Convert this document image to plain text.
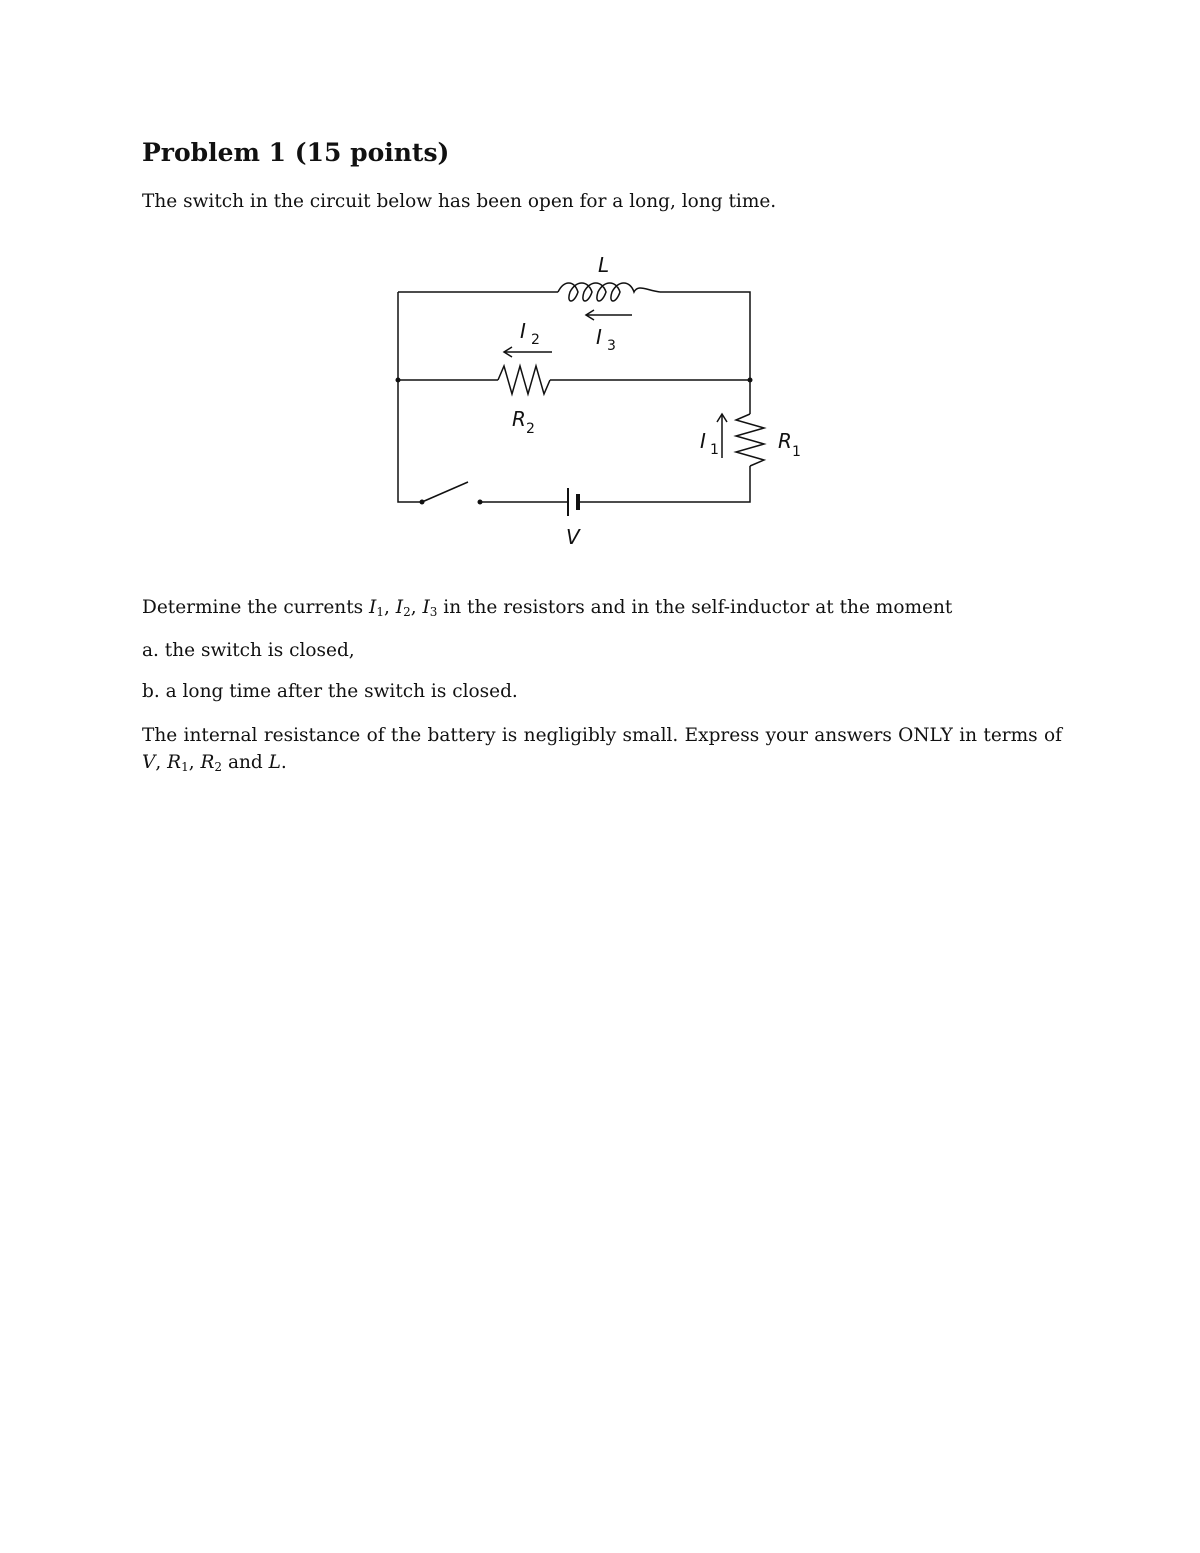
Problem 1 (15 points)

The switch in the circuit below has been open for a long, long time.

L
I 3
I 2
R 2	I 1	R 1
V

Determine the currents $I_1$, $I_2$, $I_3$ in the resistors and in the self-inductor at the moment

a. the switch is closed,

b. a long time after the switch is closed.

The internal resistance of the battery is negligibly small. Express your answers ONLY in terms of V, $R_1$, $R_2$ and L.
